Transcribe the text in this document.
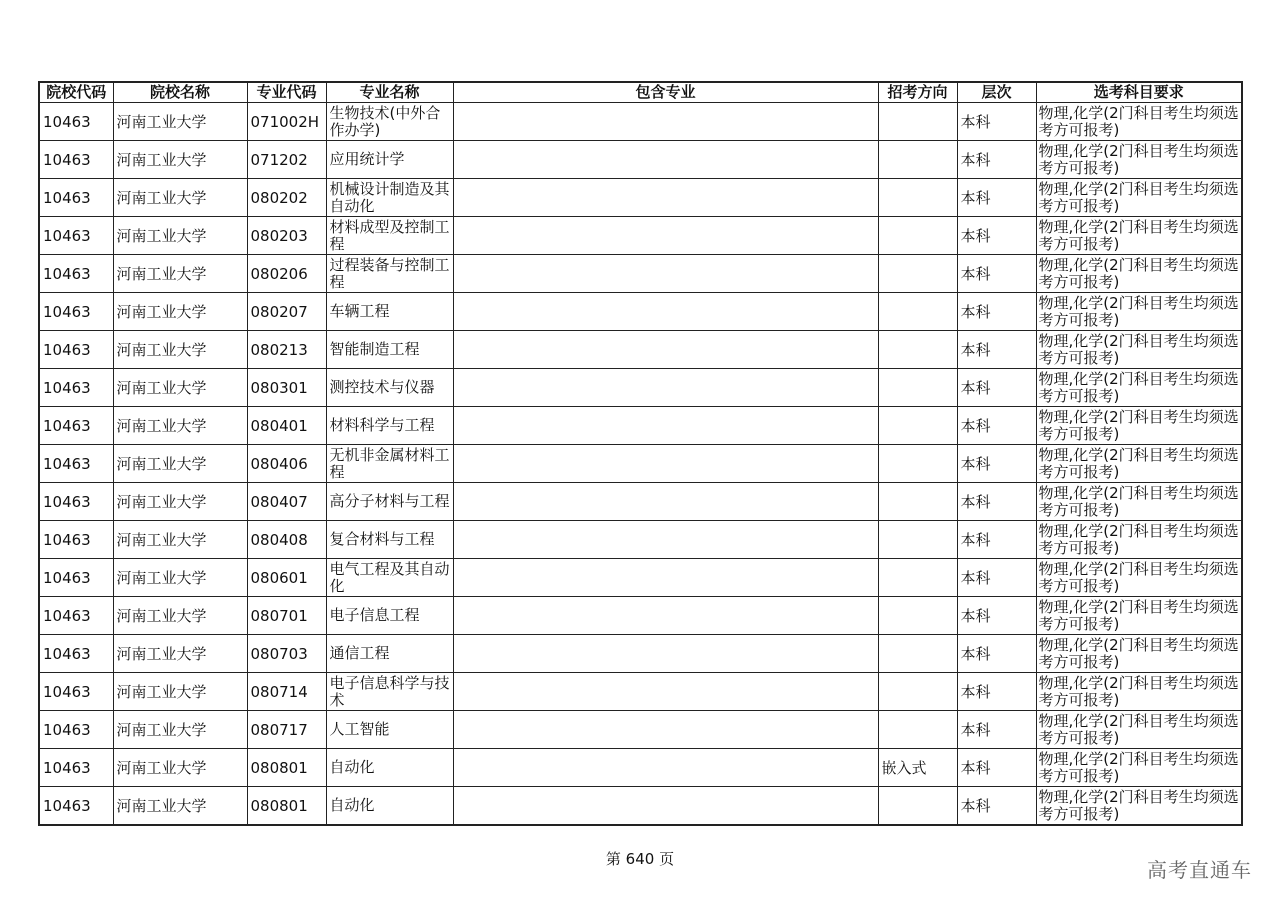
院校代码	院校名称	专业代码	专业名称	包含专业	招考方向	层次	选考科目要求
10463	河南工业大学	071002H	生物技术(中外合作办学)			本科	物理,化学(2门科目考生均须选考方可报考)
10463	河南工业大学	071202	应用统计学			本科	物理,化学(2门科目考生均须选考方可报考)
10463	河南工业大学	080202	机械设计制造及其自动化			本科	物理,化学(2门科目考生均须选考方可报考)
10463	河南工业大学	080203	材料成型及控制工程			本科	物理,化学(2门科目考生均须选考方可报考)
10463	河南工业大学	080206	过程装备与控制工程			本科	物理,化学(2门科目考生均须选考方可报考)
10463	河南工业大学	080207	车辆工程			本科	物理,化学(2门科目考生均须选考方可报考)
10463	河南工业大学	080213	智能制造工程			本科	物理,化学(2门科目考生均须选考方可报考)
10463	河南工业大学	080301	测控技术与仪器			本科	物理,化学(2门科目考生均须选考方可报考)
10463	河南工业大学	080401	材料科学与工程			本科	物理,化学(2门科目考生均须选考方可报考)
10463	河南工业大学	080406	无机非金属材料工程			本科	物理,化学(2门科目考生均须选考方可报考)
10463	河南工业大学	080407	高分子材料与工程			本科	物理,化学(2门科目考生均须选考方可报考)
10463	河南工业大学	080408	复合材料与工程			本科	物理,化学(2门科目考生均须选考方可报考)
10463	河南工业大学	080601	电气工程及其自动化			本科	物理,化学(2门科目考生均须选考方可报考)
10463	河南工业大学	080701	电子信息工程			本科	物理,化学(2门科目考生均须选考方可报考)
10463	河南工业大学	080703	通信工程			本科	物理,化学(2门科目考生均须选考方可报考)
10463	河南工业大学	080714	电子信息科学与技术			本科	物理,化学(2门科目考生均须选考方可报考)
10463	河南工业大学	080717	人工智能			本科	物理,化学(2门科目考生均须选考方可报考)
10463	河南工业大学	080801	自动化		嵌入式	本科	物理,化学(2门科目考生均须选考方可报考)
10463	河南工业大学	080801	自动化			本科	物理,化学(2门科目考生均须选考方可报考)
第 640 页	高考直通车
